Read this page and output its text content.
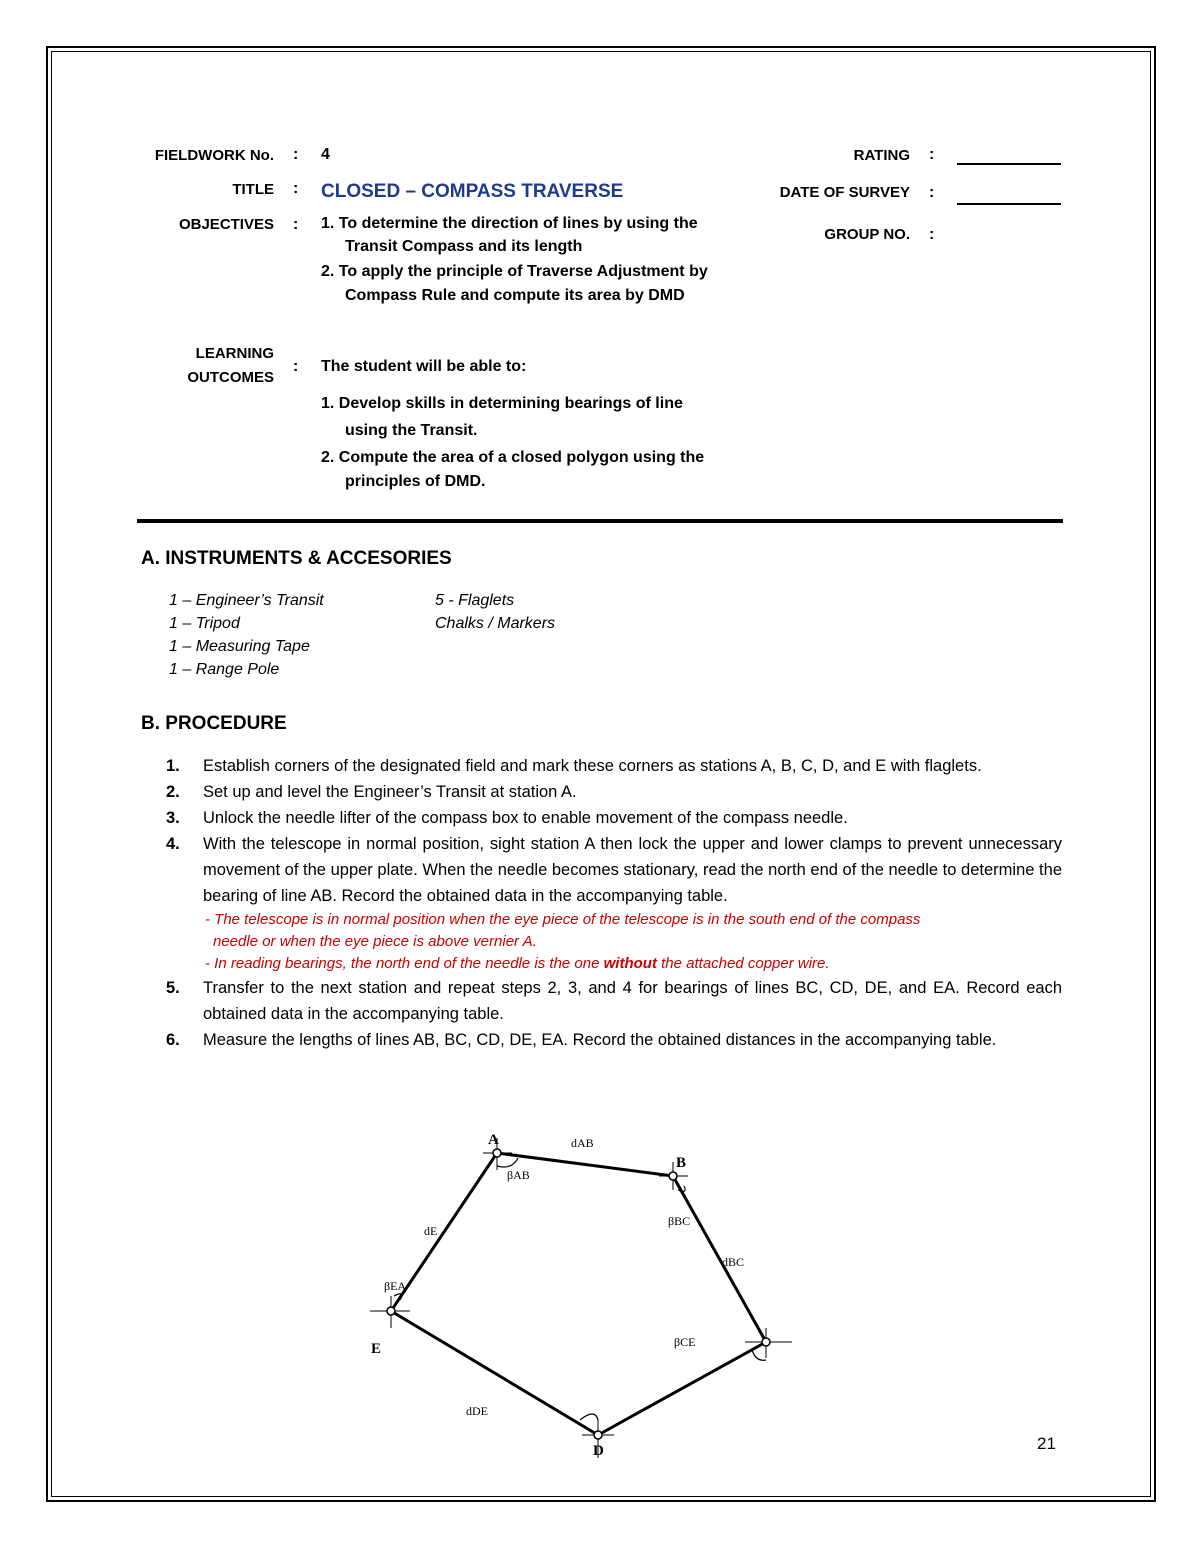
FIELDWORK No. : 4
TITLE : CLOSED – COMPASS TRAVERSE
OBJECTIVES : 1. To determine the direction of lines by using the
Transit Compass and its length
2. To apply the principle of Traverse Adjustment by
Compass Rule and compute its area by DMD
LEARNING
OUTCOMES
: The student will be able to:
1. Develop skills in determining bearings of line
using the Transit.
2. Compute the area of a closed polygon using the
principles of DMD.
RATING :
DATE OF SURVEY :
GROUP NO. :
A. INSTRUMENTS & ACCESORIES
1 – Engineer’s Transit
1 – Tripod
1 – Measuring Tape
1 – Range Pole
5 - Flaglets
Chalks / Markers
B. PROCEDURE
1. Establish corners of the designated field and mark these corners as stations A, B, C, D, and E with flaglets.
2. Set up and level the Engineer’s Transit at station A.
3. Unlock the needle lifter of the compass box to enable movement of the compass needle.
4. With the telescope in normal position, sight station A then lock the upper and lower clamps to prevent unnecessary movement of the upper plate. When the needle becomes stationary, read the north end of the needle to determine the bearing of line AB. Record the obtained data in the accompanying table.
- The telescope is in normal position when the eye piece of the telescope is in the south end of the compass
needle or when the eye piece is above vernier A.
- In reading bearings, the north end of the needle is the one without the attached copper wire.
5. Transfer to the next station and repeat steps 2, 3, and 4 for bearings of lines BC, CD, DE, and EA. Record each obtained data in the accompanying table.
6. Measure the lengths of lines AB, BC, CD, DE, EA. Record the obtained distances in the accompanying table.
A
B
D
E
dAB
dBC
dDE
dE
βAB
βBC
βCE
βEA
21
